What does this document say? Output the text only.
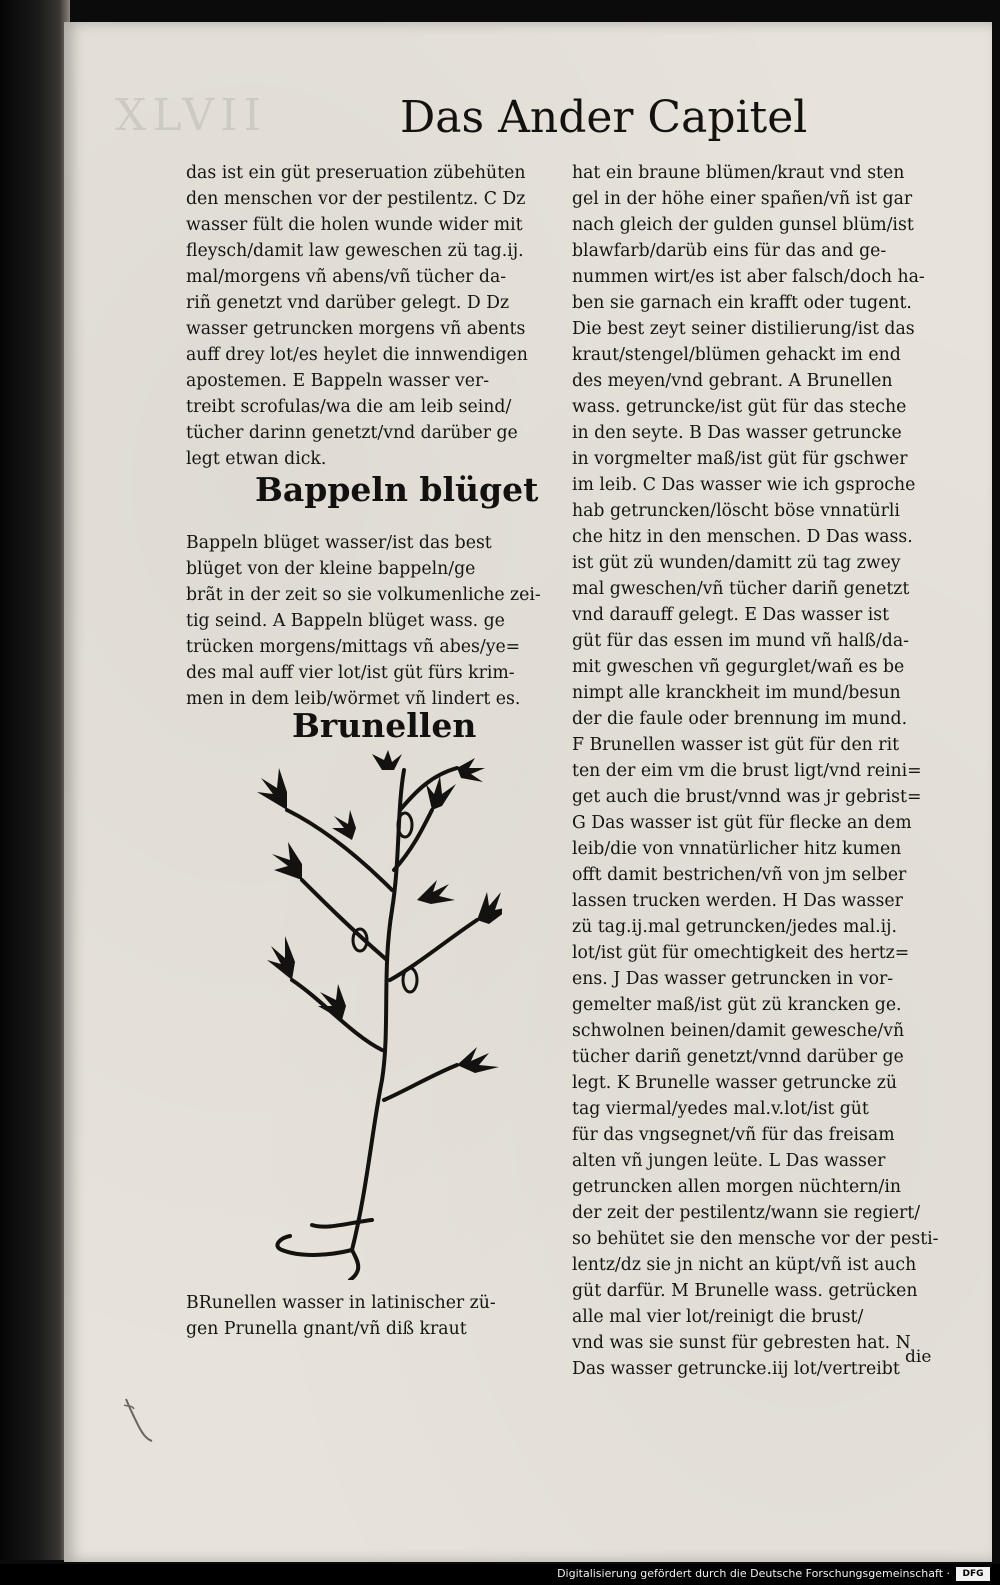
XLVII	Das Ander Capitel
das ist ein güt preseruation zübehüten
den menschen vor der pestilentz. C Dz
wasser fült die holen wunde wider mit
fleysch/damit law geweschen zü tag.ij.
mal/morgens vñ abens/vñ tücher da-
riñ genetzt vnd darüber gelegt. D Dz
wasser getruncken morgens vñ abents
auff drey lot/es heylet die innwendigen
apostemen. E Bappeln wasser ver-
treibt scrofulas/wa die am leib seind/
tücher darinn genetzt/vnd darüber ge
legt etwan dick.
Bappeln blüget
Bappeln blüget wasser/ist das best
blüget von der kleine bappeln/ge
brãt in der zeit so sie volkumenliche zei-
tig seind. A Bappeln blüget wass. ge
trücken morgens/mittags vñ abes/ye=
des mal auff vier lot/ist güt fürs krim-
men in dem leib/wörmet vñ lindert es.
Brunellen
BRunellen wasser in latinischer zü-
gen Prunella gnant/vñ diß kraut
hat ein braune blümen/kraut vnd sten
gel in der höhe einer spañen/vñ ist gar
nach gleich der gulden gunsel blüm/ist
blawfarb/darüb eins für das and ge-
nummen wirt/es ist aber falsch/doch ha-
ben sie garnach ein krafft oder tugent.
Die best zeyt seiner distilierung/ist das
kraut/stengel/blümen gehackt im end
des meyen/vnd gebrant. A Brunellen
wass. getruncke/ist güt für das steche
in den seyte. B Das wasser getruncke
in vorgmelter maß/ist güt für gschwer
im leib. C Das wasser wie ich gsproche
hab getruncken/löscht böse vnnatürli
che hitz in den menschen. D Das wass.
ist güt zü wunden/damitt zü tag zwey
mal gweschen/vñ tücher dariñ genetzt
vnd darauff gelegt. E Das wasser ist
güt für das essen im mund vñ halß/da-
mit gweschen vñ gegurglet/wañ es be
nimpt alle kranckheit im mund/besun
der die faule oder brennung im mund.
F Brunellen wasser ist güt für den rit
ten der eim vm die brust ligt/vnd reini=
get auch die brust/vnnd was jr gebrist=
G Das wasser ist güt für flecke an dem
leib/die von vnnatürlicher hitz kumen
offt damit bestrichen/vñ von jm selber
lassen trucken werden. H Das wasser
zü tag.ij.mal getruncken/jedes mal.ij.
lot/ist güt für omechtigkeit des hertz=
ens. J Das wasser getruncken in vor-
gemelter maß/ist güt zü krancken ge.
schwolnen beinen/damit gewesche/vñ
tücher dariñ genetzt/vnnd darüber ge
legt. K Brunelle wasser getruncke zü
tag viermal/yedes mal.v.lot/ist güt
für das vngsegnet/vñ für das freisam
alten vñ jungen leüte. L Das wasser
getruncken allen morgen nüchtern/in
der zeit der pestilentz/wann sie regiert/
so behütet sie den mensche vor der pesti-
lentz/dz sie jn nicht an küpt/vñ ist auch
güt darfür. M Brunelle wass. getrücken
alle mal vier lot/reinigt die brust/
vnd was sie sunst für gebresten hat. N
Das wasser getruncke.iij lot/vertreibt
die
Digitalisierung gefördert durch die Deutsche Forschungsgemeinschaft ·	DFG
